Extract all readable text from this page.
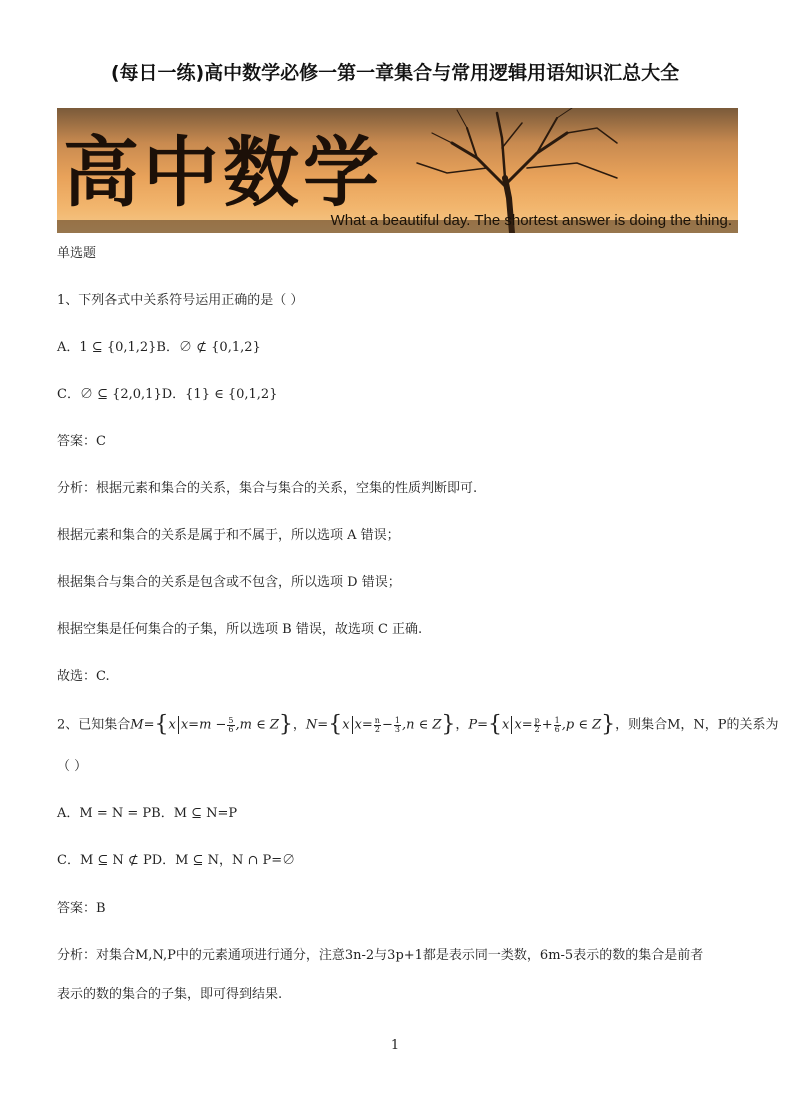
(每日一练)高中数学必修一第一章集合与常用逻辑用语知识汇总大全
高中数学
What a beautiful day. The shortest answer is doing the thing.
单选题
1、下列各式中关系符号运用正确的是（ ）
A．1 ⊆ {0,1,2}B．∅ ⊄ {0,1,2}
C．∅ ⊆ {2,0,1}D．{1} ∈ {0,1,2}
答案：C
分析：根据元素和集合的关系，集合与集合的关系，空集的性质判断即可.
根据元素和集合的关系是属于和不属于，所以选项 A 错误；
根据集合与集合的关系是包含或不包含，所以选项 D 错误；
根据空集是任何集合的子集，所以选项 B 错误，故选项 C 正确.
故选：C.
2、已知集合M={x $x=m - \frac{5}{6} ,m$ ∈ Z}，N={x $x= \frac{n}{2} - \frac{1}{3} ,n$ ∈ Z}，P={x $x= \frac{p}{2} + \frac{1}{6} ,p$ ∈ Z}，则集合M，N，P的关系为
（ ）
A．M = N = PB．M ⊆ N=P
C．M ⊆ N ⊄ PD．M ⊆ N，N ∩ P=∅
答案：B
分析：对集合M,N,P中的元素通项进行通分，注意3n-2与3p+1都是表示同一类数，6m-5表示的数的集合是前者
表示的数的集合的子集，即可得到结果.
1
